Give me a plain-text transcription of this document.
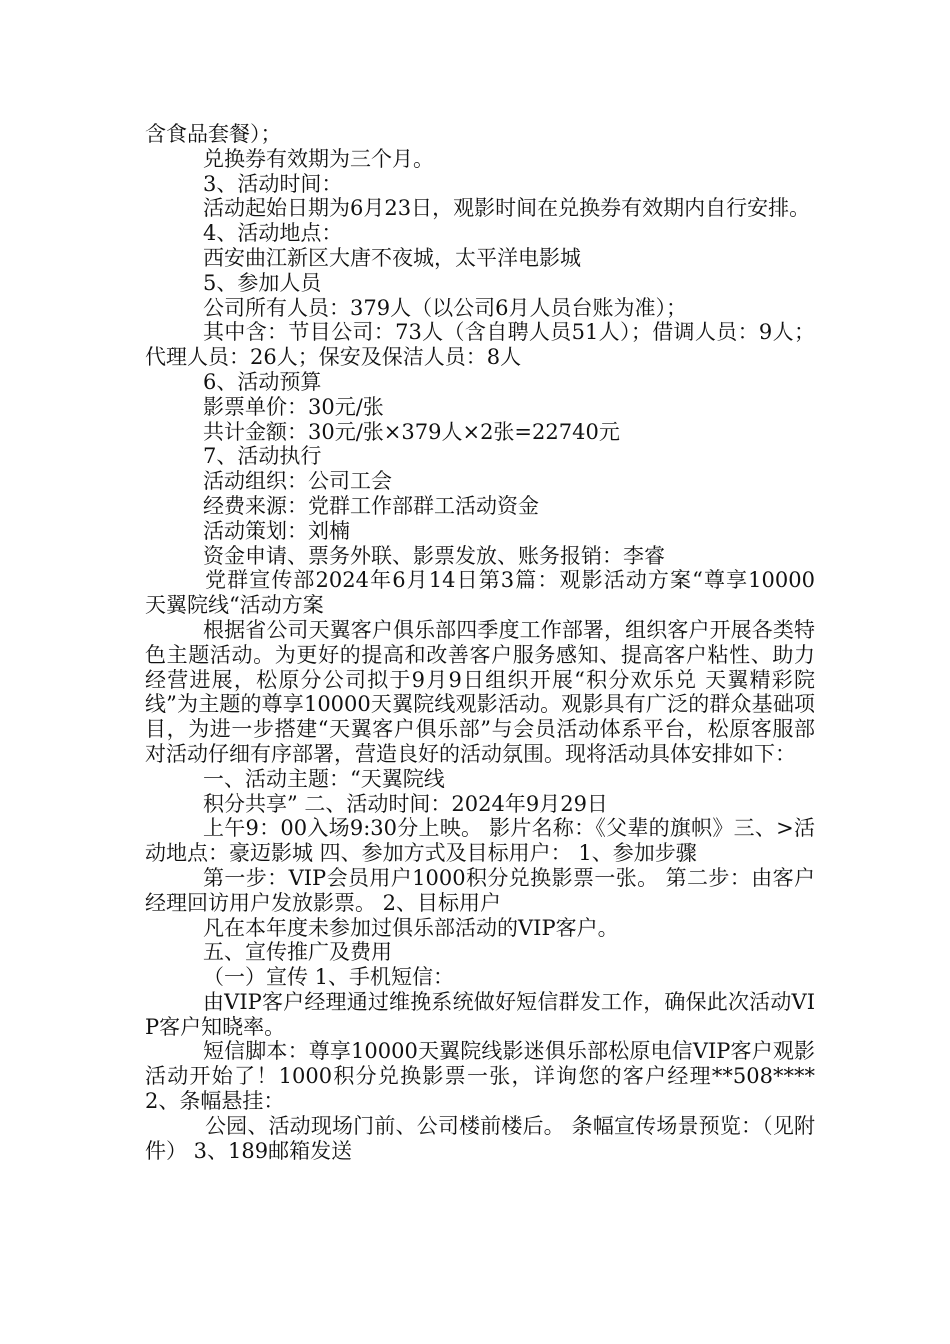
含食品套餐）；

兑换券有效期为三个月。

3、活动时间：

活动起始日期为6月23日，观影时间在兑换券有效期内自行安排。

4、活动地点：

西安曲江新区大唐不夜城，太平洋电影城

5、参加人员

公司所有人员：379人（以公司6月人员台账为准）；

其中含：节目公司：73人（含自聘人员51人）；借调人员：9人；代理人员：26人；保安及保洁人员：8人

6、活动预算

影票单价：30元/张

共计金额：30元/张×379人×2张=22740元

7、活动执行

活动组织：公司工会

经费来源：党群工作部群工活动资金

活动策划：刘楠

资金申请、票务外联、影票发放、账务报销：李睿

党群宣传部2024年6月14日第3篇：观影活动方案“尊享10000 天翼院线“活动方案

根据省公司天翼客户俱乐部四季度工作部署，组织客户开展各类特色主题活动。为更好的提高和改善客户服务感知、提高客户粘性、助力经营进展，松原分公司拟于9月9日组织开展“积分欢乐兑 天翼精彩院线”为主题的尊享10000天翼院线观影活动。观影具有广泛的群众基础项目，为进一步搭建“天翼客户俱乐部”与会员活动体系平台，松原客服部对活动仔细有序部署，营造良好的活动氛围。现将活动具体安排如下：

一、活动主题：“天翼院线

积分共享” 二、活动时间：2024年9月29日

上午9：00入场9:30分上映。 影片名称：《父辈的旗帜》三、>活动地点：豪迈影城 四、参加方式及目标用户： 1、参加步骤

第一步：VIP会员用户1000积分兑换影票一张。 第二步：由客户经理回访用户发放影票。 2、目标用户

凡在本年度未参加过俱乐部活动的VIP客户。

五、宣传推广及费用

（一）宣传 1、手机短信：

由VIP客户经理通过维挽系统做好短信群发工作，确保此次活动VIP客户知晓率。

短信脚本：尊享10000天翼院线影迷俱乐部松原电信VIP客户观影活动开始了！1000积分兑换影票一张，详询您的客户经理**508**** 2、条幅悬挂：

公园、活动现场门前、公司楼前楼后。 条幅宣传场景预览：（见附件） 3、189邮箱发送
